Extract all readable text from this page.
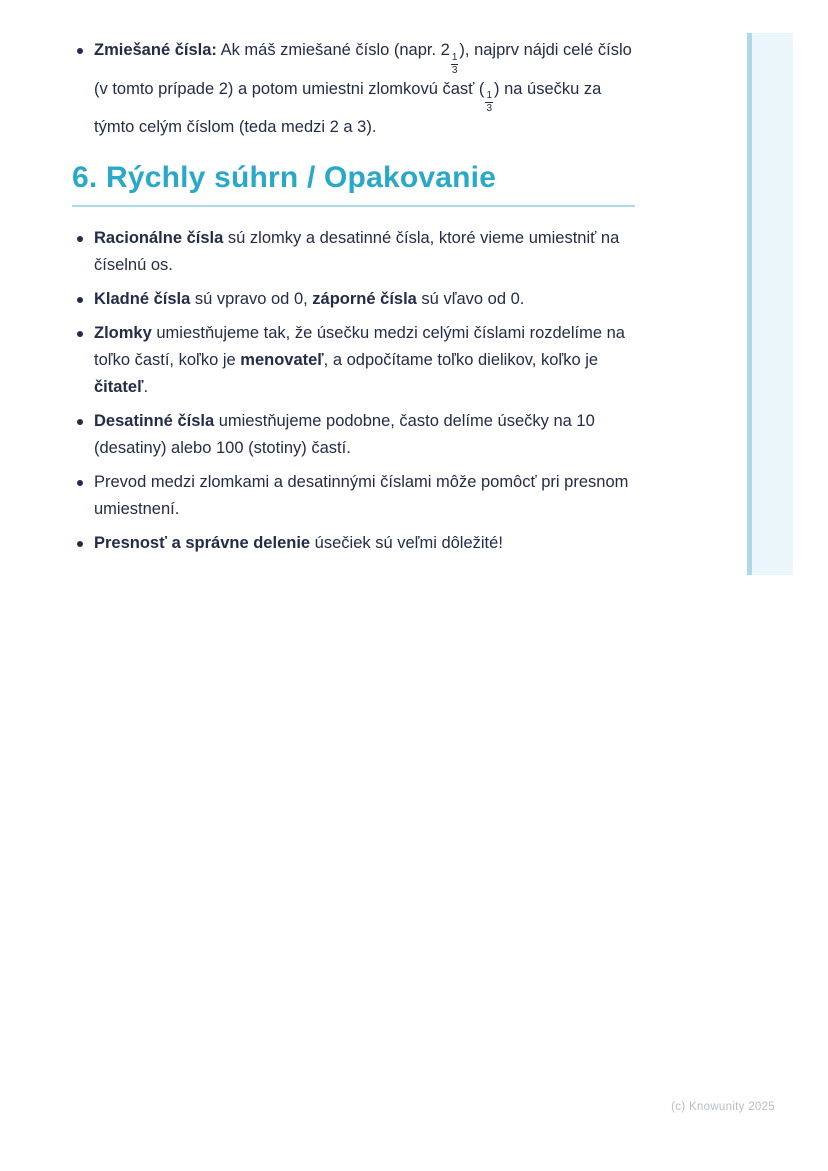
Zmiešané čísla: Ak máš zmiešané číslo (napr. 2
$\frac{1}{3}$
), najprv nájdi celé číslo (v tomto prípade 2) a potom umiestni zlomkovú časť (
$\frac{1}{3}$
) na úsečku za týmto celým číslom (teda medzi 2 a 3).
6. Rýchly súhrn / Opakovanie
Racionálne čísla sú zlomky a desatinné čísla, ktoré vieme umiestniť na číselnú os.
Kladné čísla sú vpravo od 0, záporné čísla sú vľavo od 0.
Zlomky umiestňujeme tak, že úsečku medzi celými číslami rozdelíme na toľko častí, koľko je menovateľ, a odpočítame toľko dielikov, koľko je čitateľ.
Desatinné čísla umiestňujeme podobne, často delíme úsečky na 10 (desatiny) alebo 100 (stotiny) častí.
Prevod medzi zlomkami a desatinnými číslami môže pomôcť pri presnom umiestnení.
Presnosť a správne delenie úsečiek sú veľmi dôležité!
(c) Knowunity 2025
